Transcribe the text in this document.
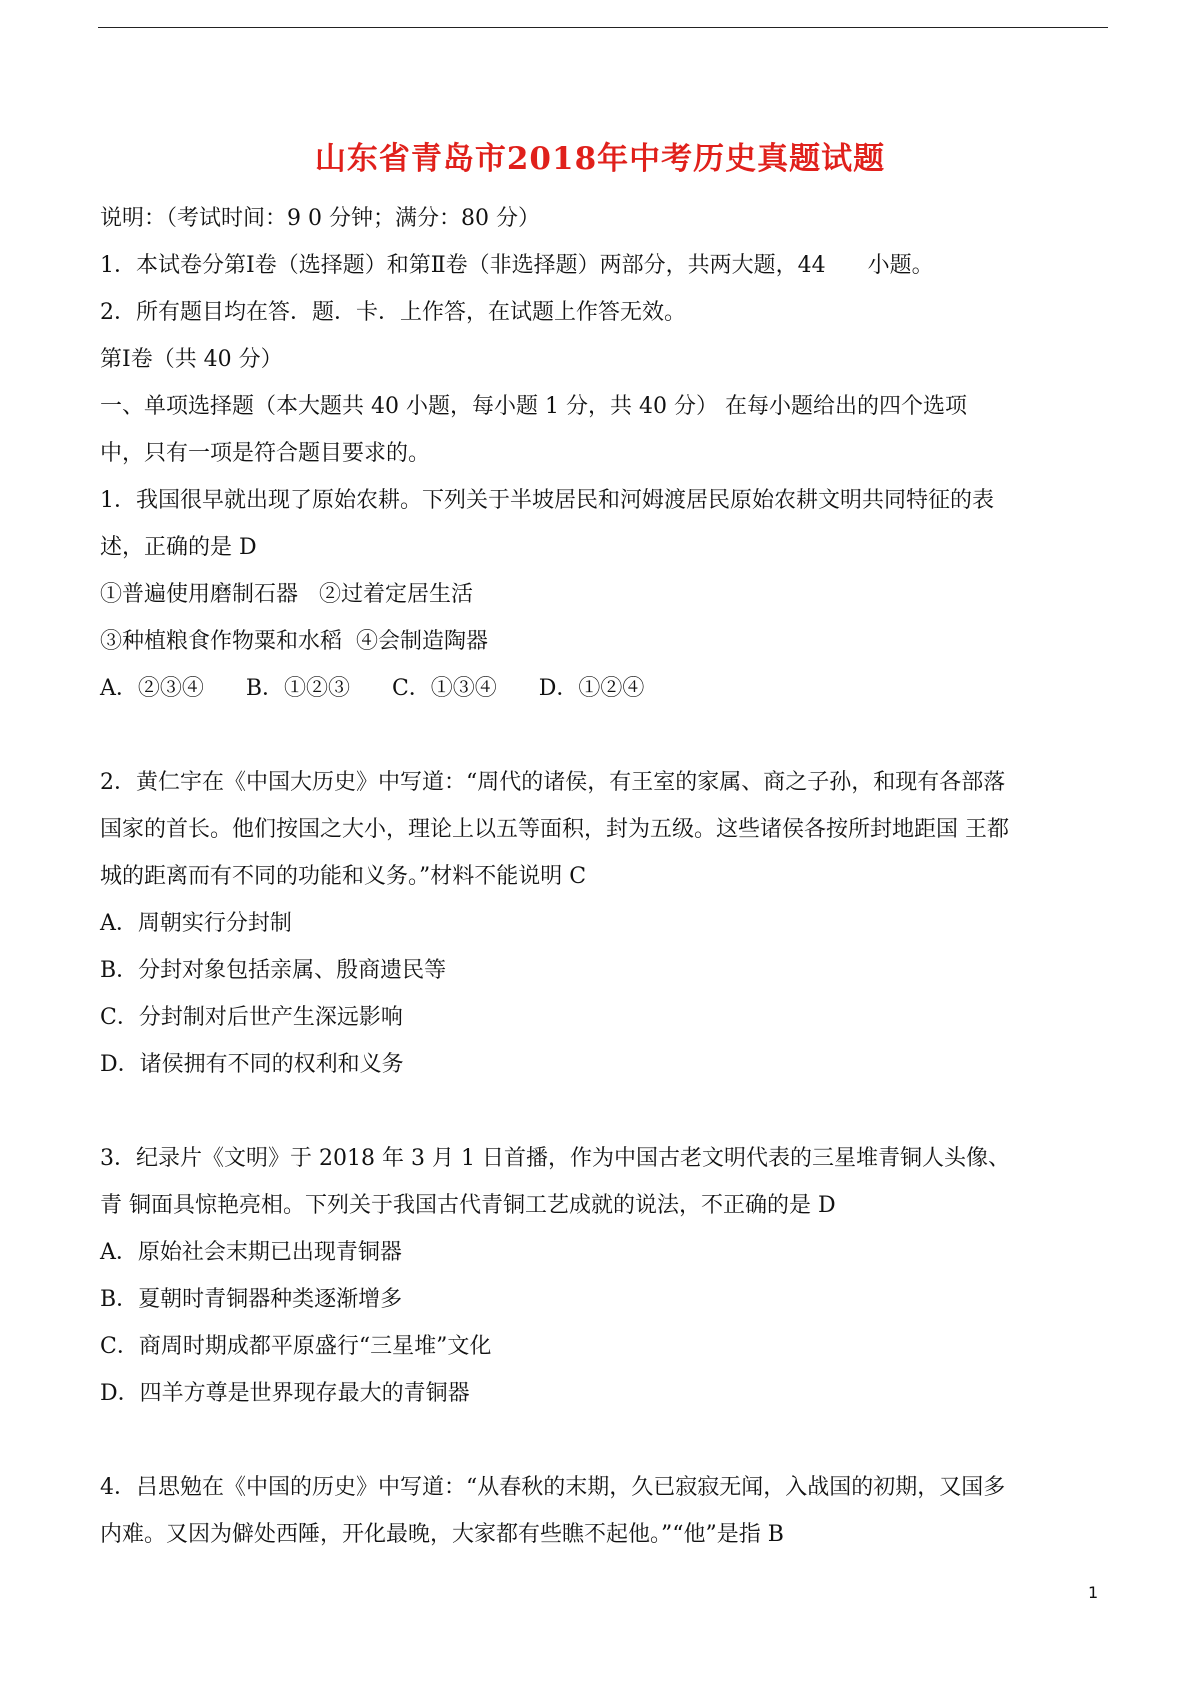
山东省青岛市2018年中考历史真题试题
说明：（考试时间：9 0 分钟；满分：80 分）
1．本试卷分第Ⅰ卷（选择题）和第Ⅱ卷（非选择题）两部分，共两大题，44      小题。
2．所有题目均在答．题．卡．上作答，在试题上作答无效。
第Ⅰ卷（共 40 分）
一、单项选择题（本大题共 40 小题，每小题 1 分，共 40 分） 在每小题给出的四个选项
中，只有一项是符合题目要求的。
1．我国很早就出现了原始农耕。下列关于半坡居民和河姆渡居民原始农耕文明共同特征的表
述，正确的是 D
①普遍使用磨制石器   ②过着定居生活
③种植粮食作物粟和水稻  ④会制造陶器
A．②③④      B．①②③      C．①③④      D．①②④
2．黄仁宇在《中国大历史》中写道：“周代的诸侯，有王室的家属、商之子孙，和现有各部落
国家的首长。他们按国之大小，理论上以五等面积，封为五级。这些诸侯各按所封地距国 王都
城的距离而有不同的功能和义务。”材料不能说明 C
A．周朝实行分封制
B．分封对象包括亲属、殷商遗民等
C．分封制对后世产生深远影响
D．诸侯拥有不同的权利和义务
3．纪录片《文明》于 2018 年 3 月 1 日首播，作为中国古老文明代表的三星堆青铜人头像、
青 铜面具惊艳亮相。下列关于我国古代青铜工艺成就的说法，不正确的是 D
A．原始社会末期已出现青铜器
B．夏朝时青铜器种类逐渐增多
C．商周时期成都平原盛行“三星堆”文化
D．四羊方尊是世界现存最大的青铜器
4．吕思勉在《中国的历史》中写道：“从春秋的末期，久已寂寂无闻，入战国的初期，又国多
内难。又因为僻处西陲，开化最晚，大家都有些瞧不起他。”“他”是指 B
1
